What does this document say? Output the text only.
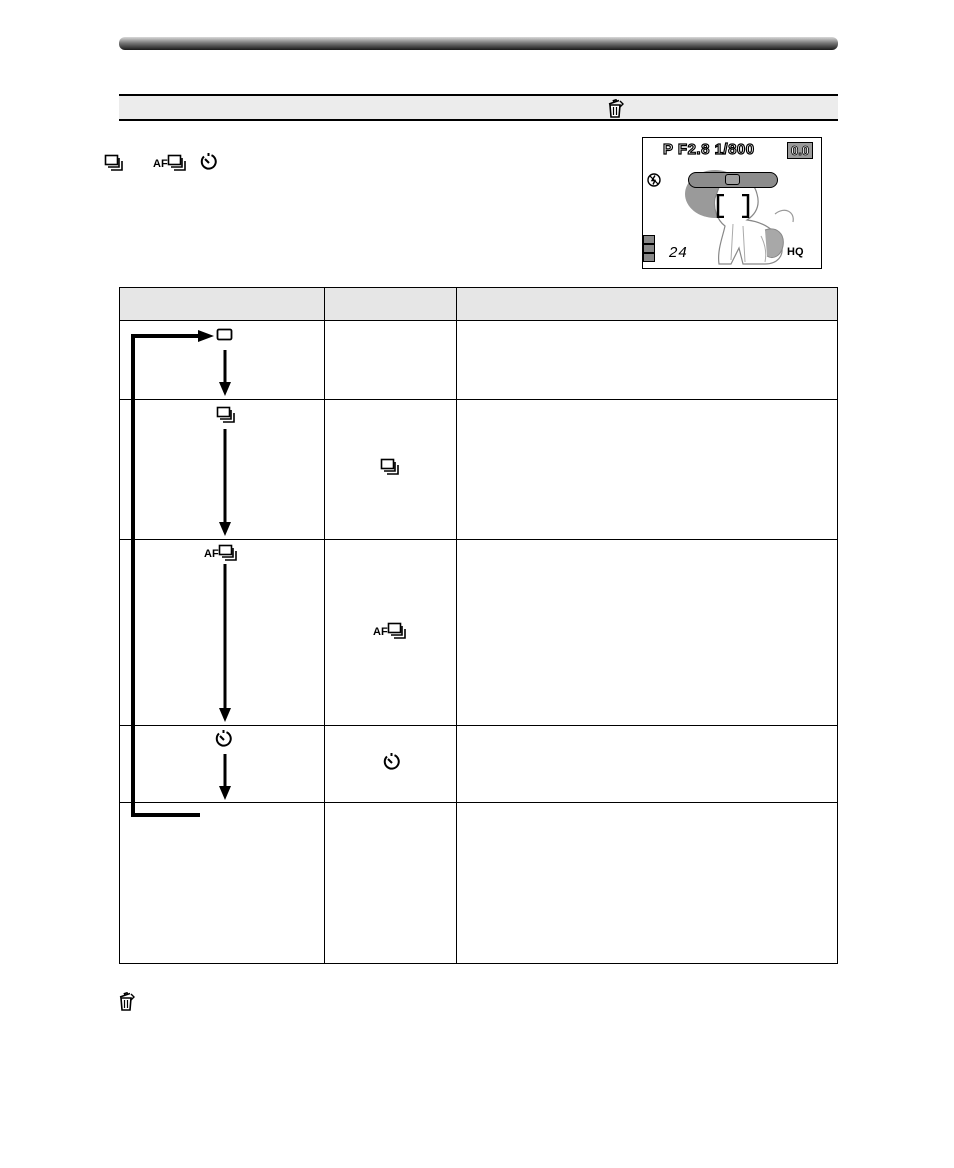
AF
P F2.8 1/800	0.0
24	HQ
AF
AF
